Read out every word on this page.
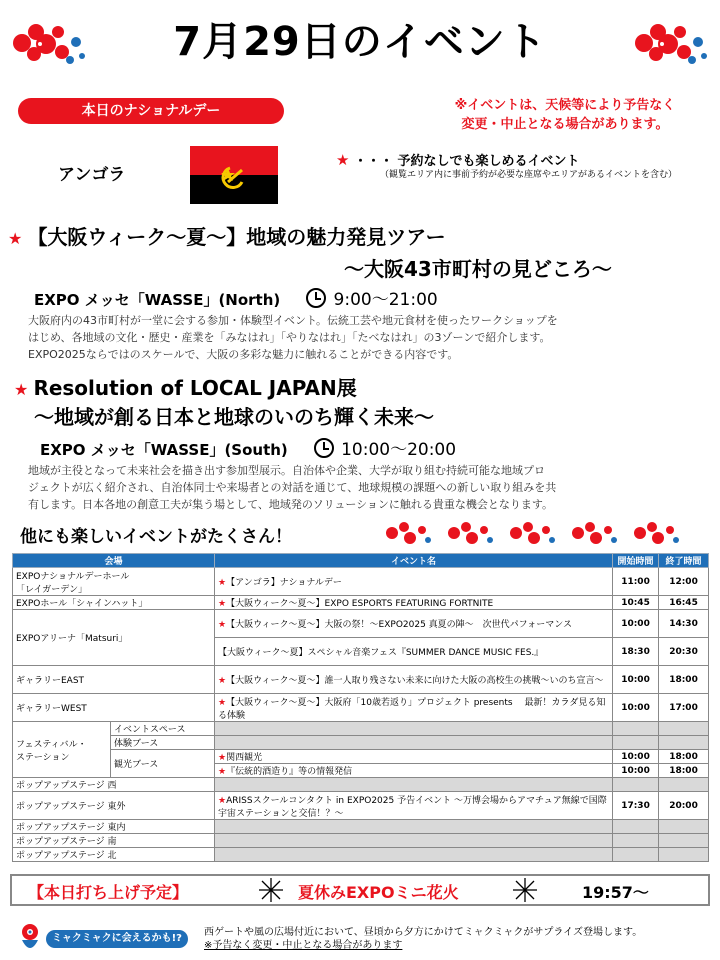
7月29日のイベント
本日のナショナルデー	※イベントは、天候等により予告なく
変更・中止となる場合があります。
アンゴラ
★ ・・・ 予約なしでも楽しめるイベント
（観覧エリア内に事前予約が必要な座席やエリアがあるイベントを含む）
★ 【大阪ウィーク～夏～】地域の魅力発見ツアー
～大阪43市町村の見どころ～
EXPO メッセ「WASSE」(North)	9:00～21:00
大阪府内の43市町村が一堂に会する参加・体験型イベント。伝統工芸や地元食材を使ったワークショップを
はじめ、各地域の文化・歴史・産業を「みなはれ」「やりなはれ」「たべなはれ」の3ゾーンで紹介します。
EXPO2025ならではのスケールで、大阪の多彩な魅力に触れることができる内容です。
★ Resolution of LOCAL JAPAN展
～地域が創る日本と地球のいのち輝く未来～
EXPO メッセ「WASSE」(South)	10:00～20:00
地域が主役となって未来社会を描き出す参加型展示。自治体や企業、大学が取り組む持続可能な地域プロ
ジェクトが広く紹介され、自治体同士や来場者との対話を通じて、地球規模の課題への新しい取り組みを共
有します。日本各地の創意工夫が集う場として、地域発のソリューションに触れる貴重な機会となります。
他にも楽しいイベントがたくさん！
会場		イベント名	開始時間	終了時間
EXPOナショナルデーホール
「レイガーデン」		★【アンゴラ】ナショナルデー	11:00	12:00
EXPOホール「シャインハット」		★【大阪ウィーク～夏～】EXPO ESPORTS FEATURING FORTNITE	10:45	16:45
EXPOアリーナ「Matsuri」		★【大阪ウィーク～夏～】大阪の祭！～EXPO2025 真夏の陣～　次世代パフォーマンス	10:00	14:30
		【大阪ウィーク～夏】スペシャル音楽フェス『SUMMER DANCE MUSIC FES.』	18:30	20:30
ギャラリーEAST		★【大阪ウィーク～夏～】誰一人取り残さない未来に向けた大阪の高校生の挑戦～いのち宣言～	10:00	18:00
ギャラリーWEST		★【大阪ウィーク～夏～】大阪府「10歳若返り」プロジェクト presents 　最新！カラダ見る知る体験	10:00	17:00
フェスティバル・
ステーション	イベントスペース			
	体験ブース			
	観光ブース	★関西観光	10:00	18:00
		★『伝統的酒造り』等の情報発信	10:00	18:00
ポップアップステージ 西				
ポップアップステージ 東外		★ARISSスクールコンタクト in EXPO2025 予告イベント ～万博会場からアマチュア無線で国際宇宙ステーションと交信！？～	17:30	20:00
ポップアップステージ 東内				
ポップアップステージ 南				
ポップアップステージ 北				
【本日打ち上げ予定】	夏休みEXPOミニ花火	19:57～
ミャクミャクに会えるかも!?
西ゲートや風の広場付近において、昼頃から夕方にかけてミャクミャクがサプライズ登場します。
※予告なく変更・中止となる場合があります
